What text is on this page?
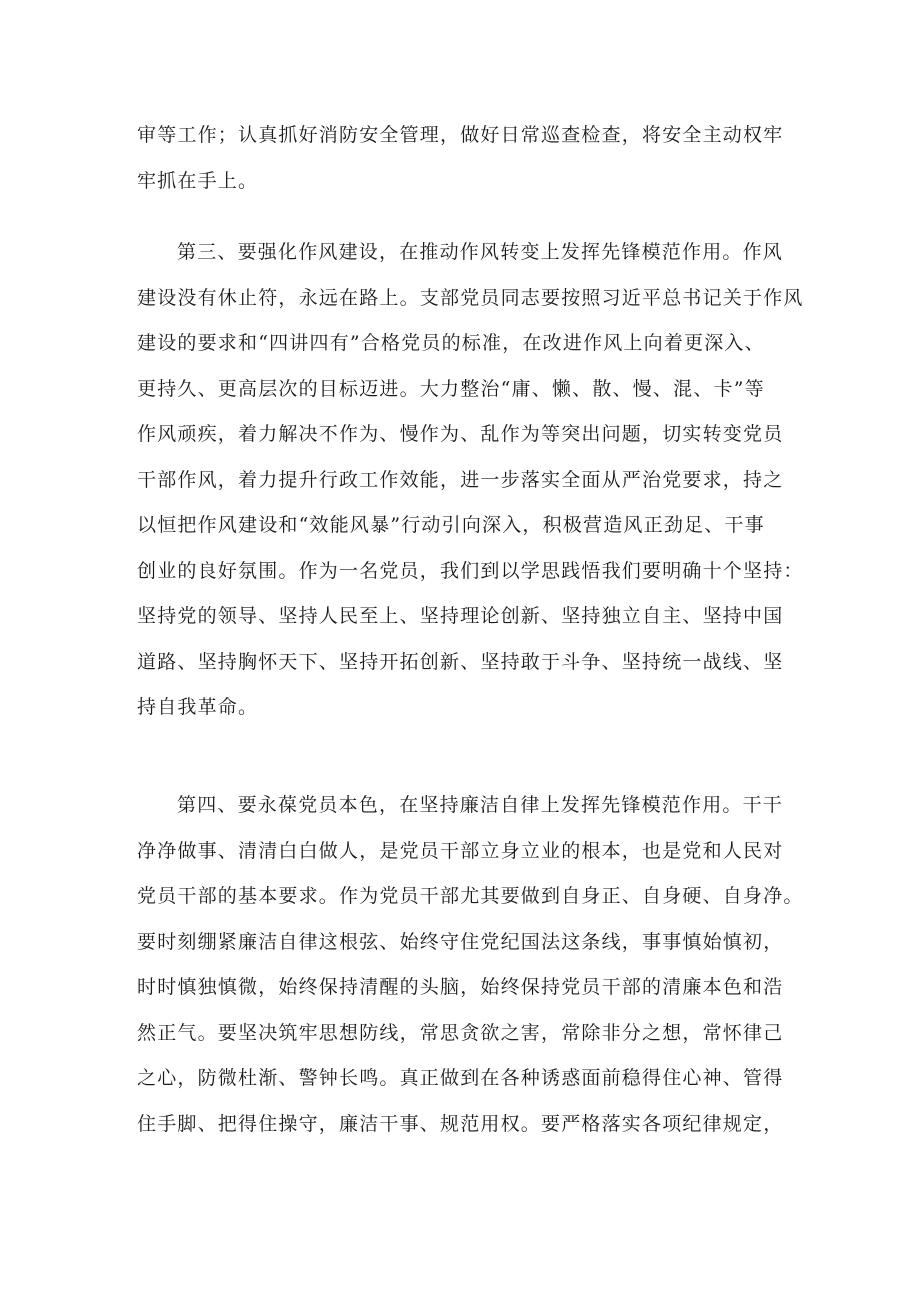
审等工作；认真抓好消防安全管理，做好日常巡查检查，将安全主动权牢
牢抓在手上。
第三、要强化作风建设，在推动作风转变上发挥先锋模范作用。作风
建设没有休止符，永远在路上。支部党员同志要按照习近平总书记关于作风
建设的要求和“四讲四有”合格党员的标准，在改进作风上向着更深入、
更持久、更高层次的目标迈进。大力整治“庸、懒、散、慢、混、卡”等
作风顽疾，着力解决不作为、慢作为、乱作为等突出问题，切实转变党员
干部作风，着力提升行政工作效能，进一步落实全面从严治党要求，持之
以恒把作风建设和“效能风暴”行动引向深入，积极营造风正劲足、干事
创业的良好氛围。作为一名党员，我们到以学思践悟我们要明确十个坚持：
坚持党的领导、坚持人民至上、坚持理论创新、坚持独立自主、坚持中国
道路、坚持胸怀天下、坚持开拓创新、坚持敢于斗争、坚持统一战线、坚
持自我革命。
第四、要永葆党员本色，在坚持廉洁自律上发挥先锋模范作用。干干
净净做事、清清白白做人，是党员干部立身立业的根本，也是党和人民对
党员干部的基本要求。作为党员干部尤其要做到自身正、自身硬、自身净。
要时刻绷紧廉洁自律这根弦、始终守住党纪国法这条线，事事慎始慎初，
时时慎独慎微，始终保持清醒的头脑，始终保持党员干部的清廉本色和浩
然正气。要坚决筑牢思想防线，常思贪欲之害，常除非分之想，常怀律己
之心，防微杜渐、警钟长鸣。真正做到在各种诱惑面前稳得住心神、管得
住手脚、把得住操守，廉洁干事、规范用权。要严格落实各项纪律规定，
